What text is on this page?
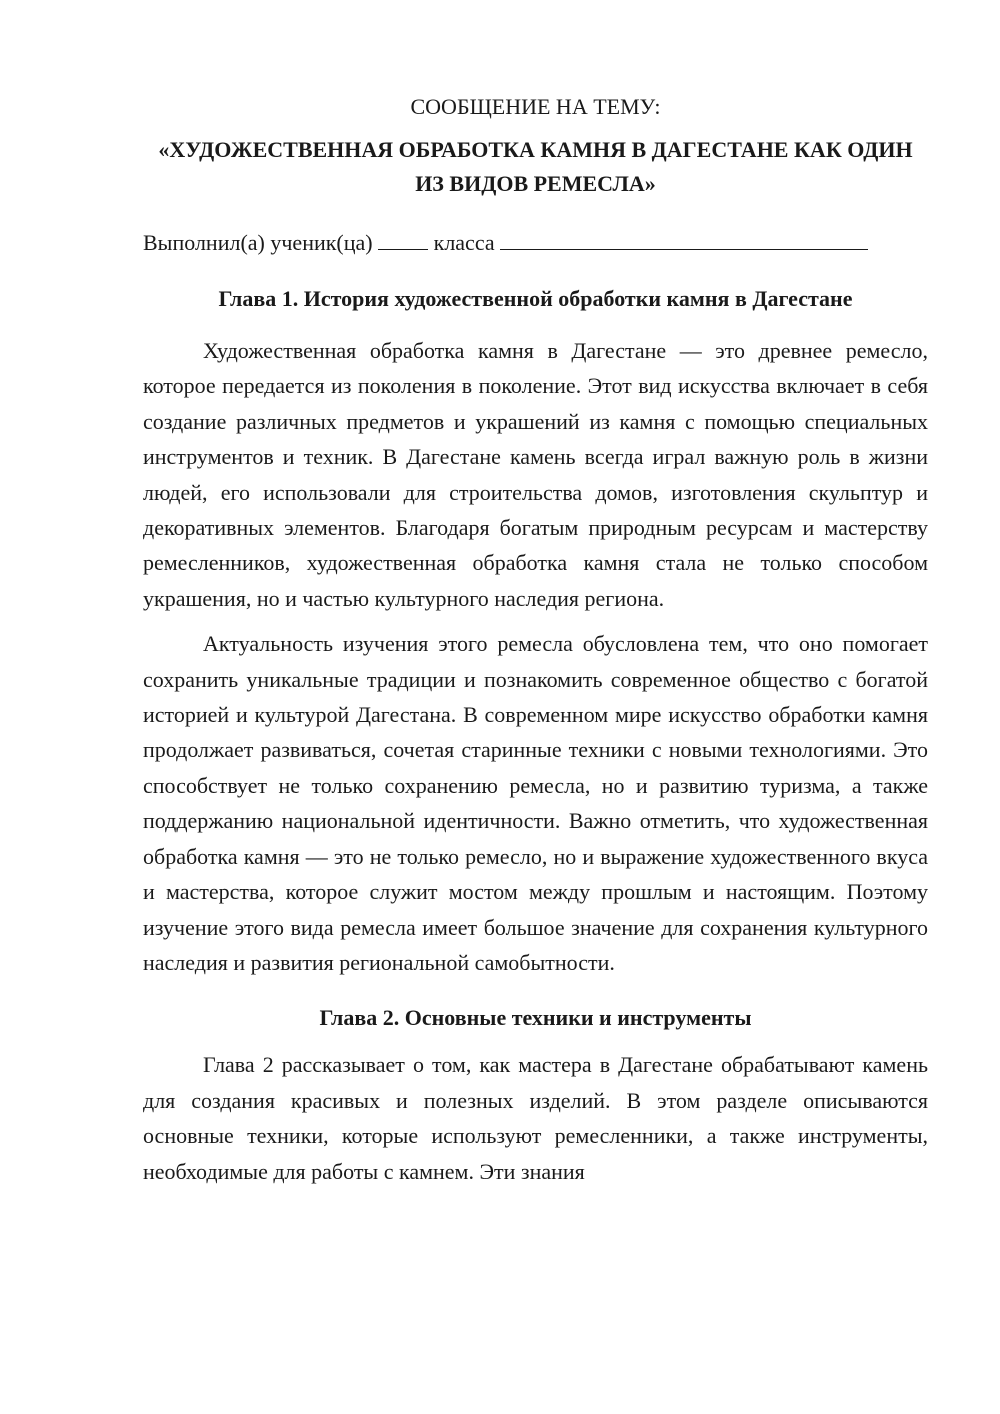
СООБЩЕНИЕ НА ТЕМУ:

«ХУДОЖЕСТВЕННАЯ ОБРАБОТКА КАМНЯ В ДАГЕСТАНЕ КАК ОДИН ИЗ ВИДОВ РЕМЕСЛА»

Выполнил(а) ученик(ца)	класса

Глава 1. История художественной обработки камня в Дагестане

Художественная обработка камня в Дагестане — это древнее ремесло, которое передается из поколения в поколение. Этот вид искусства включает в себя создание различных предметов и украшений из камня с помощью специальных инструментов и техник. В Дагестане камень всегда играл важную роль в жизни людей, его использовали для строительства домов, изготовления скульптур и декоративных элементов. Благодаря богатым природным ресурсам и мастерству ремесленников, художественная обработка камня стала не только способом украшения, но и частью культурного наследия региона.

Актуальность изучения этого ремесла обусловлена тем, что оно помогает сохранить уникальные традиции и познакомить современное общество с богатой историей и культурой Дагестана. В современном мире искусство обработки камня продолжает развиваться, сочетая старинные техники с новыми технологиями. Это способствует не только сохранению ремесла, но и развитию туризма, а также поддержанию национальной идентичности. Важно отметить, что художественная обработка камня — это не только ремесло, но и выражение художественного вкуса и мастерства, которое служит мостом между прошлым и настоящим. Поэтому изучение этого вида ремесла имеет большое значение для сохранения культурного наследия и развития региональной самобытности.

Глава 2. Основные техники и инструменты

Глава 2 рассказывает о том, как мастера в Дагестане обрабатывают камень для создания красивых и полезных изделий. В этом разделе описываются основные техники, которые используют ремесленники, а также инструменты, необходимые для работы с камнем. Эти знания
